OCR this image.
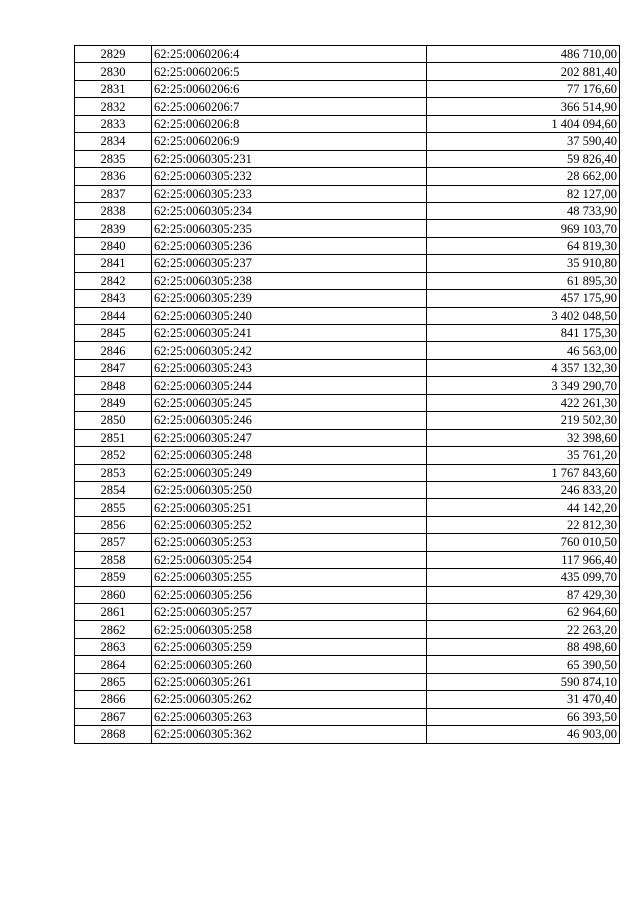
2829	62:25:0060206:4	486 710,00
2830	62:25:0060206:5	202 881,40
2831	62:25:0060206:6	77 176,60
2832	62:25:0060206:7	366 514,90
2833	62:25:0060206:8	1 404 094,60
2834	62:25:0060206:9	37 590,40
2835	62:25:0060305:231	59 826,40
2836	62:25:0060305:232	28 662,00
2837	62:25:0060305:233	82 127,00
2838	62:25:0060305:234	48 733,90
2839	62:25:0060305:235	969 103,70
2840	62:25:0060305:236	64 819,30
2841	62:25:0060305:237	35 910,80
2842	62:25:0060305:238	61 895,30
2843	62:25:0060305:239	457 175,90
2844	62:25:0060305:240	3 402 048,50
2845	62:25:0060305:241	841 175,30
2846	62:25:0060305:242	46 563,00
2847	62:25:0060305:243	4 357 132,30
2848	62:25:0060305:244	3 349 290,70
2849	62:25:0060305:245	422 261,30
2850	62:25:0060305:246	219 502,30
2851	62:25:0060305:247	32 398,60
2852	62:25:0060305:248	35 761,20
2853	62:25:0060305:249	1 767 843,60
2854	62:25:0060305:250	246 833,20
2855	62:25:0060305:251	44 142,20
2856	62:25:0060305:252	22 812,30
2857	62:25:0060305:253	760 010,50
2858	62:25:0060305:254	117 966,40
2859	62:25:0060305:255	435 099,70
2860	62:25:0060305:256	87 429,30
2861	62:25:0060305:257	62 964,60
2862	62:25:0060305:258	22 263,20
2863	62:25:0060305:259	88 498,60
2864	62:25:0060305:260	65 390,50
2865	62:25:0060305:261	590 874,10
2866	62:25:0060305:262	31 470,40
2867	62:25:0060305:263	66 393,50
2868	62:25:0060305:362	46 903,00
